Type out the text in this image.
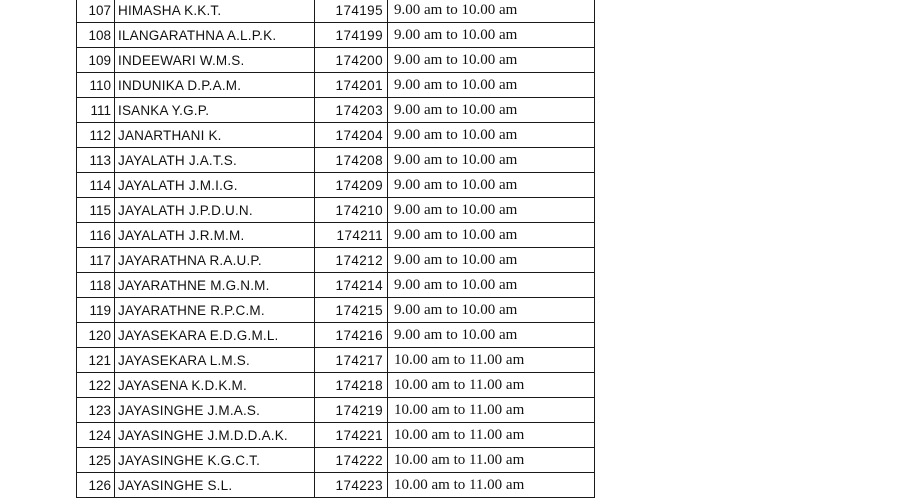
107	HIMASHA K.K.T.	174195	9.00 am to 10.00 am
108	ILANGARATHNA A.L.P.K.	174199	9.00 am to 10.00 am
109	INDEEWARI W.M.S.	174200	9.00 am to 10.00 am
110	INDUNIKA D.P.A.M.	174201	9.00 am to 10.00 am
111	ISANKA Y.G.P.	174203	9.00 am to 10.00 am
112	JANARTHANI K.	174204	9.00 am to 10.00 am
113	JAYALATH J.A.T.S.	174208	9.00 am to 10.00 am
114	JAYALATH J.M.I.G.	174209	9.00 am to 10.00 am
115	JAYALATH J.P.D.U.N.	174210	9.00 am to 10.00 am
116	JAYALATH J.R.M.M.	174211	9.00 am to 10.00 am
117	JAYARATHNA R.A.U.P.	174212	9.00 am to 10.00 am
118	JAYARATHNE M.G.N.M.	174214	9.00 am to 10.00 am
119	JAYARATHNE R.P.C.M.	174215	9.00 am to 10.00 am
120	JAYASEKARA E.D.G.M.L.	174216	9.00 am to 10.00 am
121	JAYASEKARA L.M.S.	174217	10.00 am to 11.00 am
122	JAYASENA K.D.K.M.	174218	10.00 am to 11.00 am
123	JAYASINGHE J.M.A.S.	174219	10.00 am to 11.00 am
124	JAYASINGHE J.M.D.D.A.K.	174221	10.00 am to 11.00 am
125	JAYASINGHE K.G.C.T.	174222	10.00 am to 11.00 am
126	JAYASINGHE S.L.	174223	10.00 am to 11.00 am
